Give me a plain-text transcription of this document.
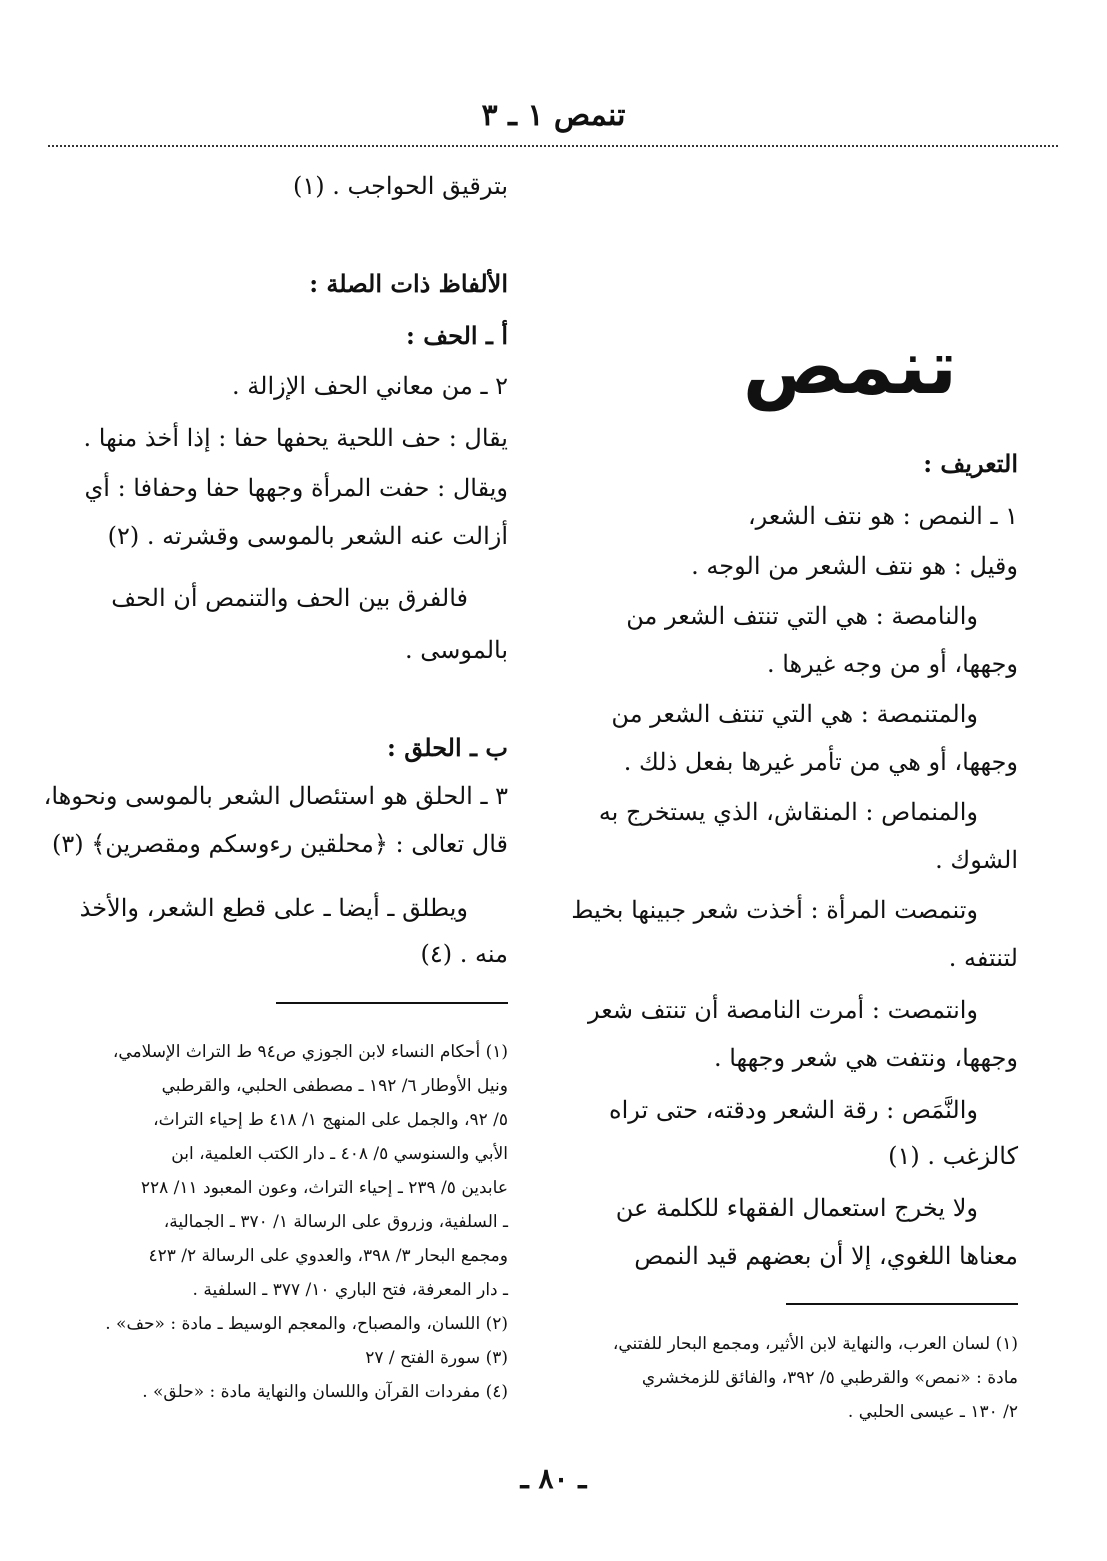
تنمص ١ ـ ٣
تنمص
التعريف :
١ ـ النمص : هو نتف الشعر،
وقيل : هو نتف الشعر من الوجه .
والنامصة : هي التي تنتف الشعر من
وجهها، أو من وجه غيرها .
والمتنمصة : هي التي تنتف الشعر من
وجهها، أو هي من تأمر غيرها بفعل ذلك .
والمنماص : المنقاش، الذي يستخرج به
الشوك .
وتنمصت المرأة : أخذت شعر جبينها بخيط
لتنتفه .
وانتمصت : أمرت النامصة أن تنتف شعر
وجهها، ونتفت هي شعر وجهها .
والنَّمَص : رقة الشعر ودقته، حتى تراه
كالزغب . (١)
ولا يخرج استعمال الفقهاء للكلمة عن
معناها اللغوي، إلا أن بعضهم قيد النمص
(١) لسان العرب، والنهاية لابن الأثير، ومجمع البحار للفتني،
مادة : «نمص» والقرطبي ٥/ ٣٩٢، والفائق للزمخشري
٢/ ١٣٠ ـ عيسى الحلبي .
بترقيق الحواجب . (١)
الألفاظ ذات الصلة :
أ ـ الحف :
٢ ـ من معاني الحف الإزالة .
يقال : حف اللحية يحفها حفا : إذا أخذ منها .
ويقال : حفت المرأة وجهها حفا وحفافا : أي
أزالت عنه الشعر بالموسى وقشرته . (٢)
فالفرق بين الحف والتنمص أن الحف
بالموسى .
ب ـ الحلق :
٣ ـ الحلق هو استئصال الشعر بالموسى ونحوها،
قال تعالى : ﴿محلقين رءوسكم ومقصرين﴾ (٣)
ويطلق ـ أيضا ـ على قطع الشعر، والأخذ
منه . (٤)
(١) أحكام النساء لابن الجوزي ص٩٤ ط التراث الإسلامي،
ونيل الأوطار ٦/ ١٩٢ ـ مصطفى الحلبي، والقرطبي
٥/ ٩٢، والجمل على المنهج ١/ ٤١٨ ط إحياء التراث،
الأبي والسنوسي ٥/ ٤٠٨ ـ دار الكتب العلمية، ابن
عابدين ٥/ ٢٣٩ ـ إحياء التراث، وعون المعبود ١١/ ٢٢٨
ـ السلفية، وزروق على الرسالة ١/ ٣٧٠ ـ الجمالية،
ومجمع البحار ٣/ ٣٩٨، والعدوي على الرسالة ٢/ ٤٢٣
ـ دار المعرفة، فتح الباري ١٠/ ٣٧٧ ـ السلفية .
(٢) اللسان، والمصباح، والمعجم الوسيط ـ مادة : «حف» .
(٣) سورة الفتح / ٢٧
(٤) مفردات القرآن واللسان والنهاية مادة : «حلق» .
ـ ٨٠ ـ
